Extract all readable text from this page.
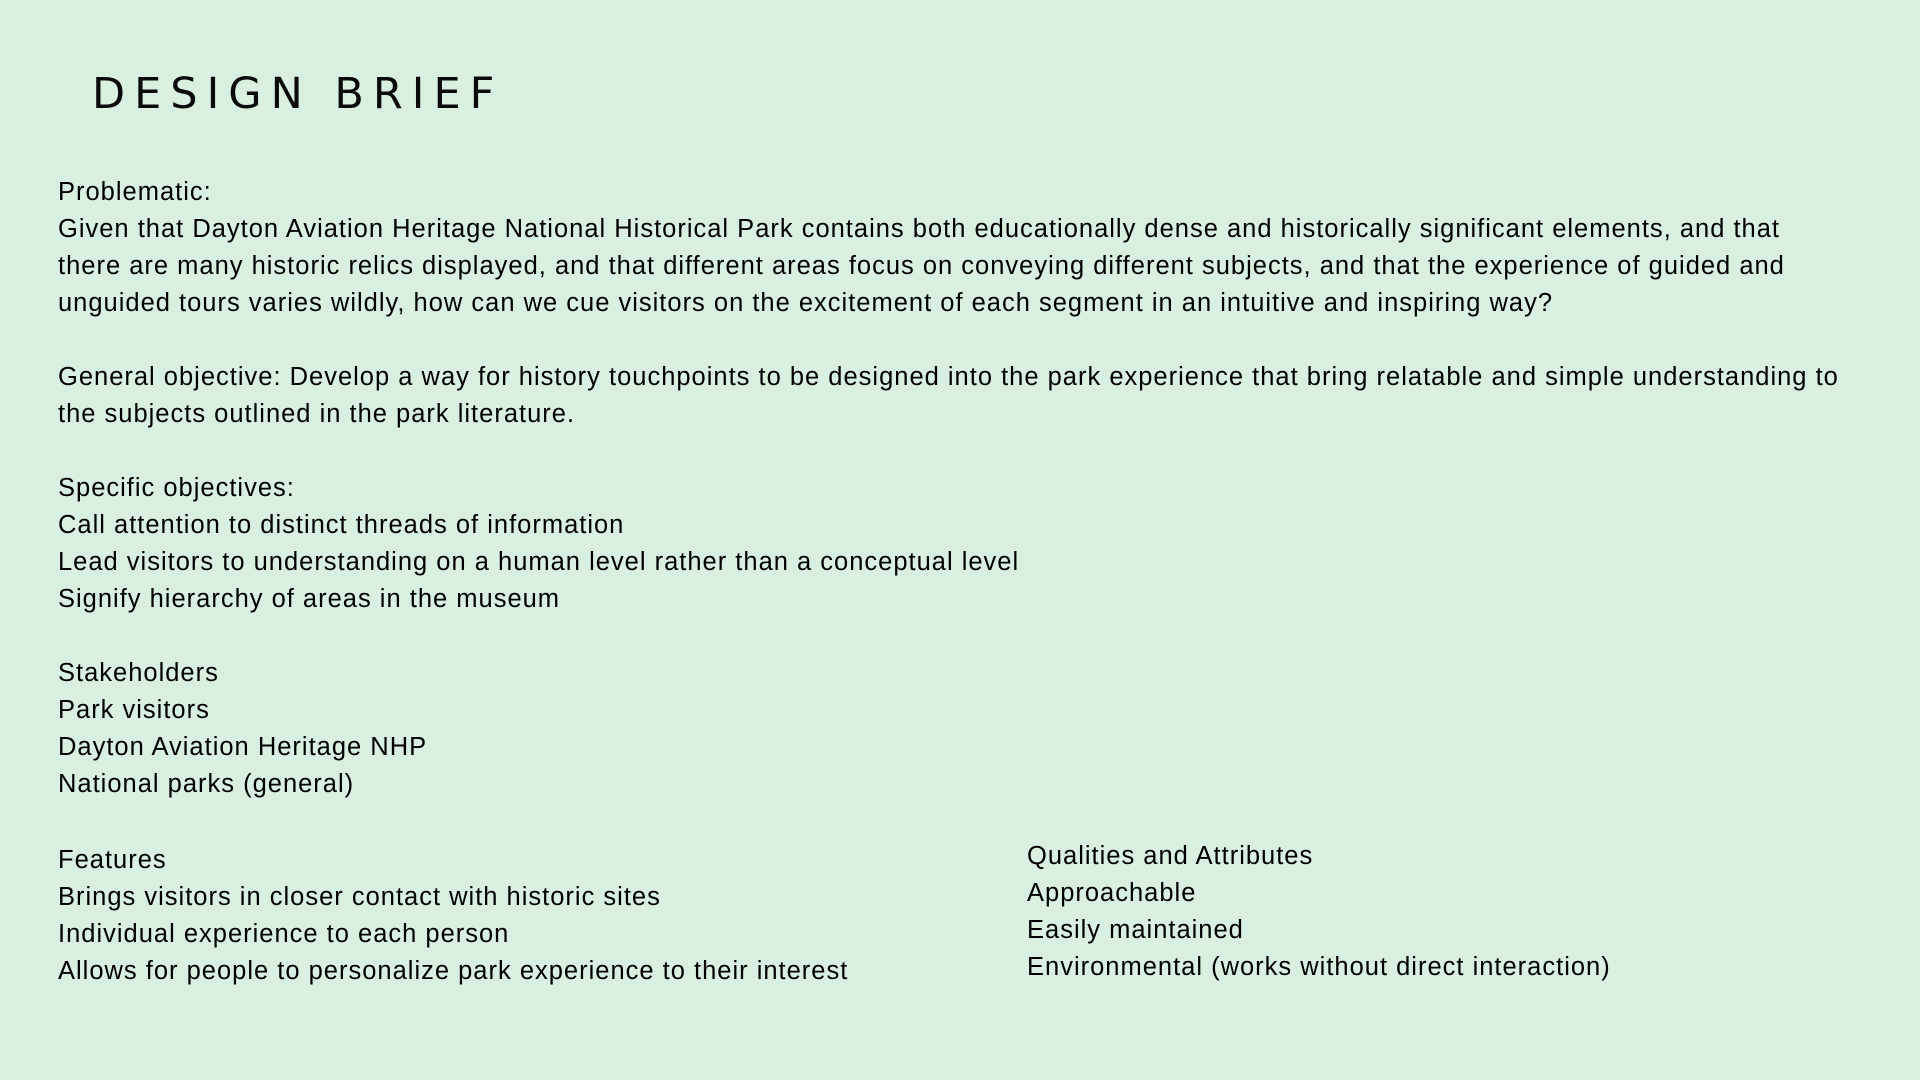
DESIGN BRIEF
Problematic:
Given that Dayton Aviation Heritage National Historical Park contains both educationally dense and historically significant elements, and that
there are many historic relics displayed, and that different areas focus on conveying different subjects, and that the experience of guided and
unguided tours varies wildly, how can we cue visitors on the excitement of each segment in an intuitive and inspiring way?
General objective: Develop a way for history touchpoints to be designed into the park experience that bring relatable and simple understanding to
the subjects outlined in the park literature.
Specific objectives:
Call attention to distinct threads of information
Lead visitors to understanding on a human level rather than a conceptual level
Signify hierarchy of areas in the museum
Stakeholders
Park visitors
Dayton Aviation Heritage NHP
National parks (general)
Features
Brings visitors in closer contact with historic sites
Individual experience to each person
Allows for people to personalize park experience to their interest
Qualities and Attributes
Approachable
Easily maintained
Environmental (works without direct interaction)
